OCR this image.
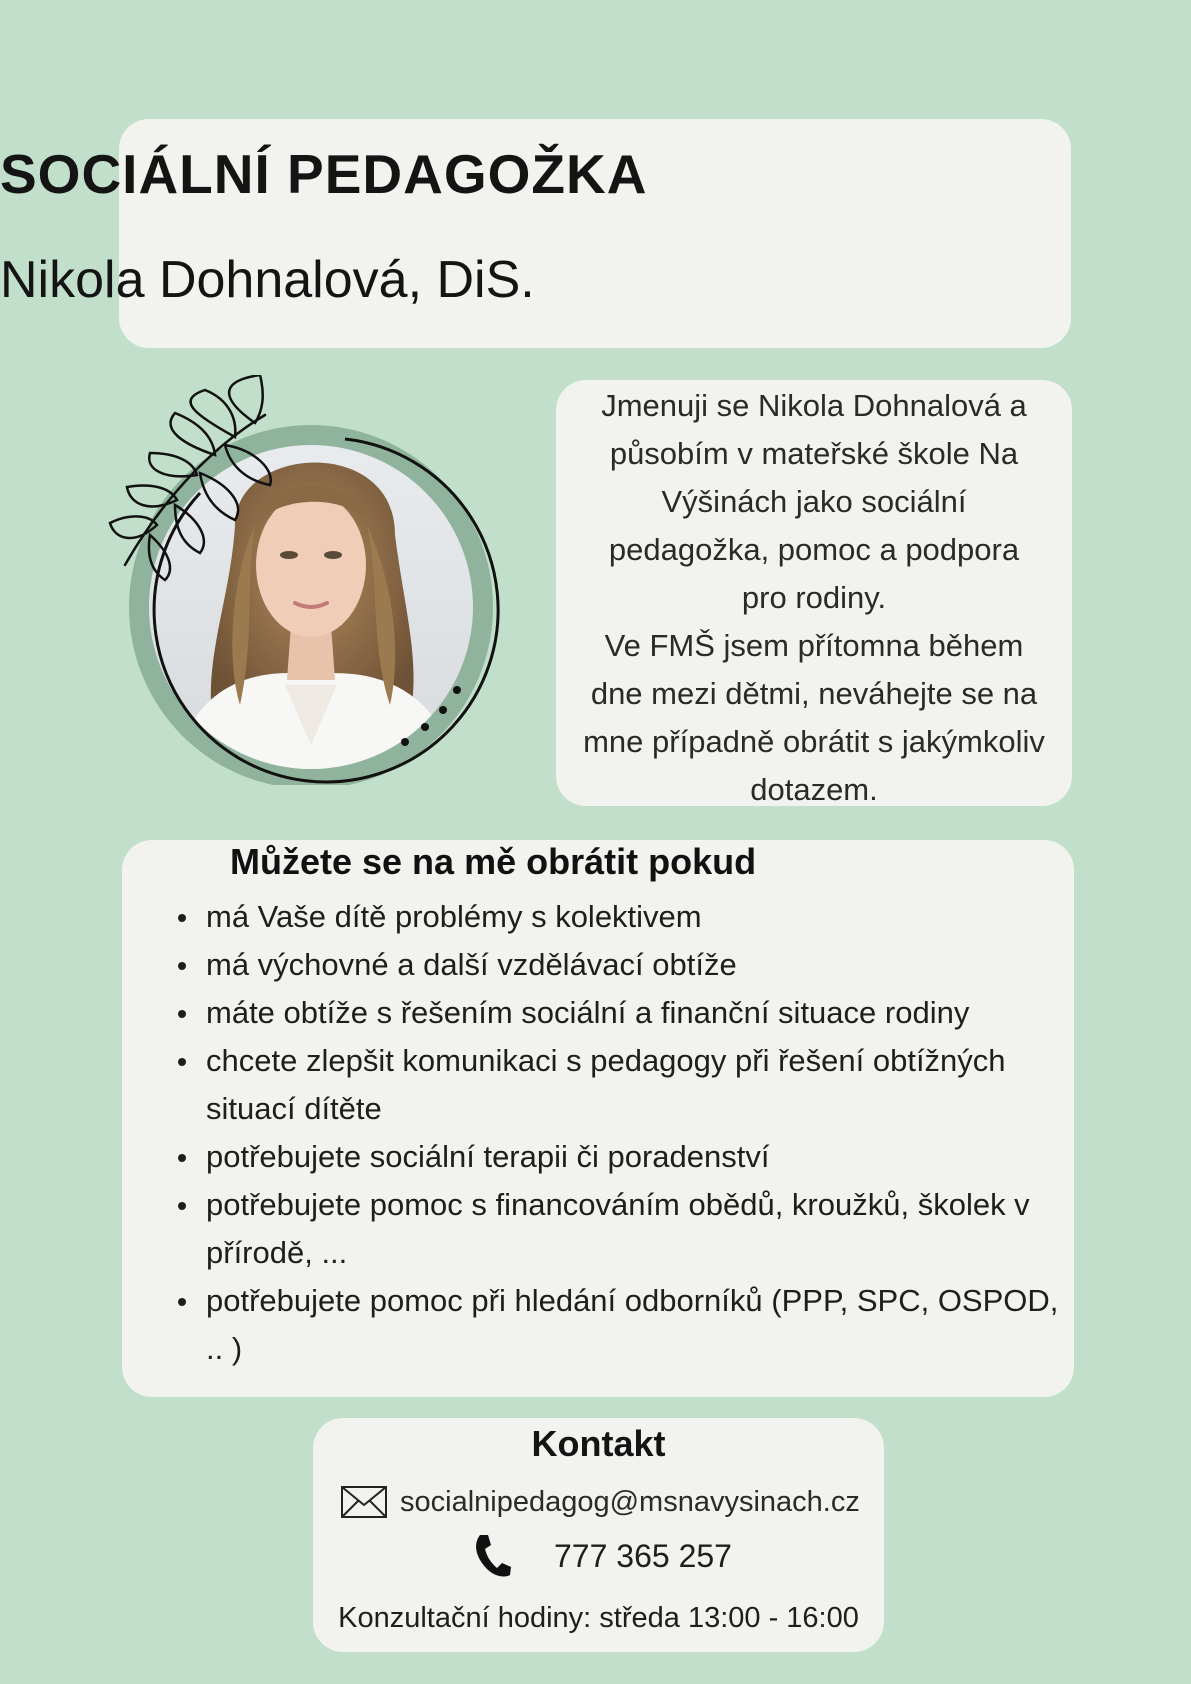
SOCIÁLNÍ PEDAGOŽKA
Nikola Dohnalová, DiS.

Jmenuji se Nikola Dohnalová a

působím v mateřské škole Na

Výšinách jako sociální

pedagožka, pomoc a podpora

pro rodiny.

Ve FMŠ jsem přítomna během

dne mezi dětmi, neváhejte se na

mne případně obrátit s jakýmkoliv

dotazem.

Můžete se na mě obrátit pokud
má Vaše dítě problémy s kolektivem
má výchovné a další vzdělávací obtíže
máte obtíže s řešením sociální a finanční situace rodiny
chcete zlepšit komunikaci s pedagogy při řešení obtížných situací dítěte
potřebujete sociální terapii či poradenství
potřebujete pomoc s financováním obědů, kroužků, školek v přírodě, ...
potřebujete pomoc při hledání odborníků (PPP, SPC, OSPOD, .. )
Kontakt
socialnipedagog@msnavysinach.cz
777 365 257
Konzultační hodiny: středa 13:00 - 16:00
